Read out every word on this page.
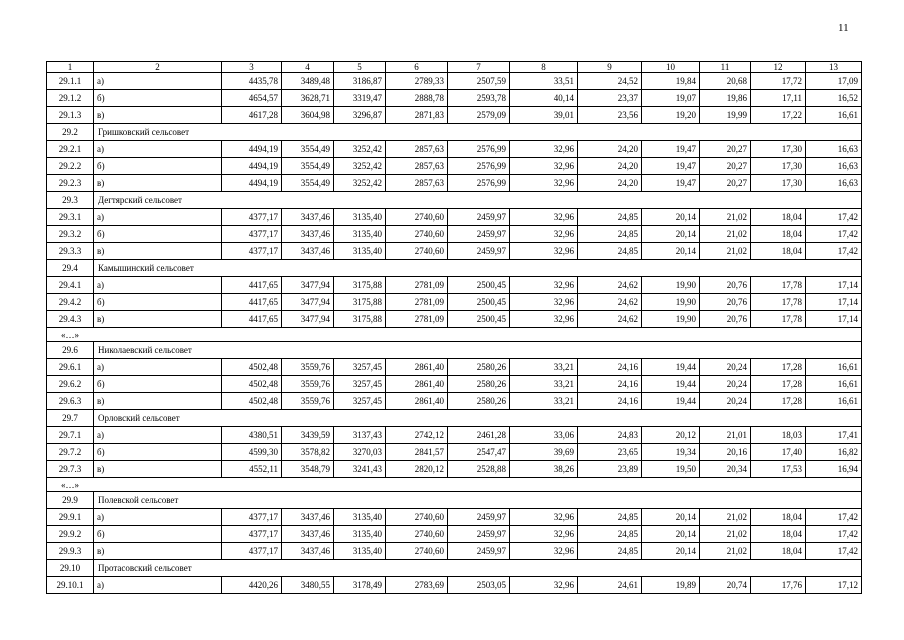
11
1	2	3	4	5	6	7	8	9	10	11	12	13
29.1.1	а)	4435,78	3489,48	3186,87	2789,33	2507,59	33,51	24,52	19,84	20,68	17,72	17,09
29.1.2	б)	4654,57	3628,71	3319,47	2888,78	2593,78	40,14	23,37	19,07	19,86	17,11	16,52
29.1.3	в)	4617,28	3604,98	3296,87	2871,83	2579,09	39,01	23,56	19,20	19,99	17,22	16,61
29.2	Гришковский сельсовет											
29.2.1	а)	4494,19	3554,49	3252,42	2857,63	2576,99	32,96	24,20	19,47	20,27	17,30	16,63
29.2.2	б)	4494,19	3554,49	3252,42	2857,63	2576,99	32,96	24,20	19,47	20,27	17,30	16,63
29.2.3	в)	4494,19	3554,49	3252,42	2857,63	2576,99	32,96	24,20	19,47	20,27	17,30	16,63
29.3	Дегтярский сельсовет											
29.3.1	а)	4377,17	3437,46	3135,40	2740,60	2459,97	32,96	24,85	20,14	21,02	18,04	17,42
29.3.2	б)	4377,17	3437,46	3135,40	2740,60	2459,97	32,96	24,85	20,14	21,02	18,04	17,42
29.3.3	в)	4377,17	3437,46	3135,40	2740,60	2459,97	32,96	24,85	20,14	21,02	18,04	17,42
29.4	Камышинский сельсовет											
29.4.1	а)	4417,65	3477,94	3175,88	2781,09	2500,45	32,96	24,62	19,90	20,76	17,78	17,14
29.4.2	б)	4417,65	3477,94	3175,88	2781,09	2500,45	32,96	24,62	19,90	20,76	17,78	17,14
29.4.3	в)	4417,65	3477,94	3175,88	2781,09	2500,45	32,96	24,62	19,90	20,76	17,78	17,14
«…»												
29.6	Николаевский сельсовет											
29.6.1	а)	4502,48	3559,76	3257,45	2861,40	2580,26	33,21	24,16	19,44	20,24	17,28	16,61
29.6.2	б)	4502,48	3559,76	3257,45	2861,40	2580,26	33,21	24,16	19,44	20,24	17,28	16,61
29.6.3	в)	4502,48	3559,76	3257,45	2861,40	2580,26	33,21	24,16	19,44	20,24	17,28	16,61
29.7	Орловский сельсовет											
29.7.1	а)	4380,51	3439,59	3137,43	2742,12	2461,28	33,06	24,83	20,12	21,01	18,03	17,41
29.7.2	б)	4599,30	3578,82	3270,03	2841,57	2547,47	39,69	23,65	19,34	20,16	17,40	16,82
29.7.3	в)	4552,11	3548,79	3241,43	2820,12	2528,88	38,26	23,89	19,50	20,34	17,53	16,94
«…»												
29.9	Полевской сельсовет											
29.9.1	а)	4377,17	3437,46	3135,40	2740,60	2459,97	32,96	24,85	20,14	21,02	18,04	17,42
29.9.2	б)	4377,17	3437,46	3135,40	2740,60	2459,97	32,96	24,85	20,14	21,02	18,04	17,42
29.9.3	в)	4377,17	3437,46	3135,40	2740,60	2459,97	32,96	24,85	20,14	21,02	18,04	17,42
29.10	Протасовский сельсовет											
29.10.1	а)	4420,26	3480,55	3178,49	2783,69	2503,05	32,96	24,61	19,89	20,74	17,76	17,12
